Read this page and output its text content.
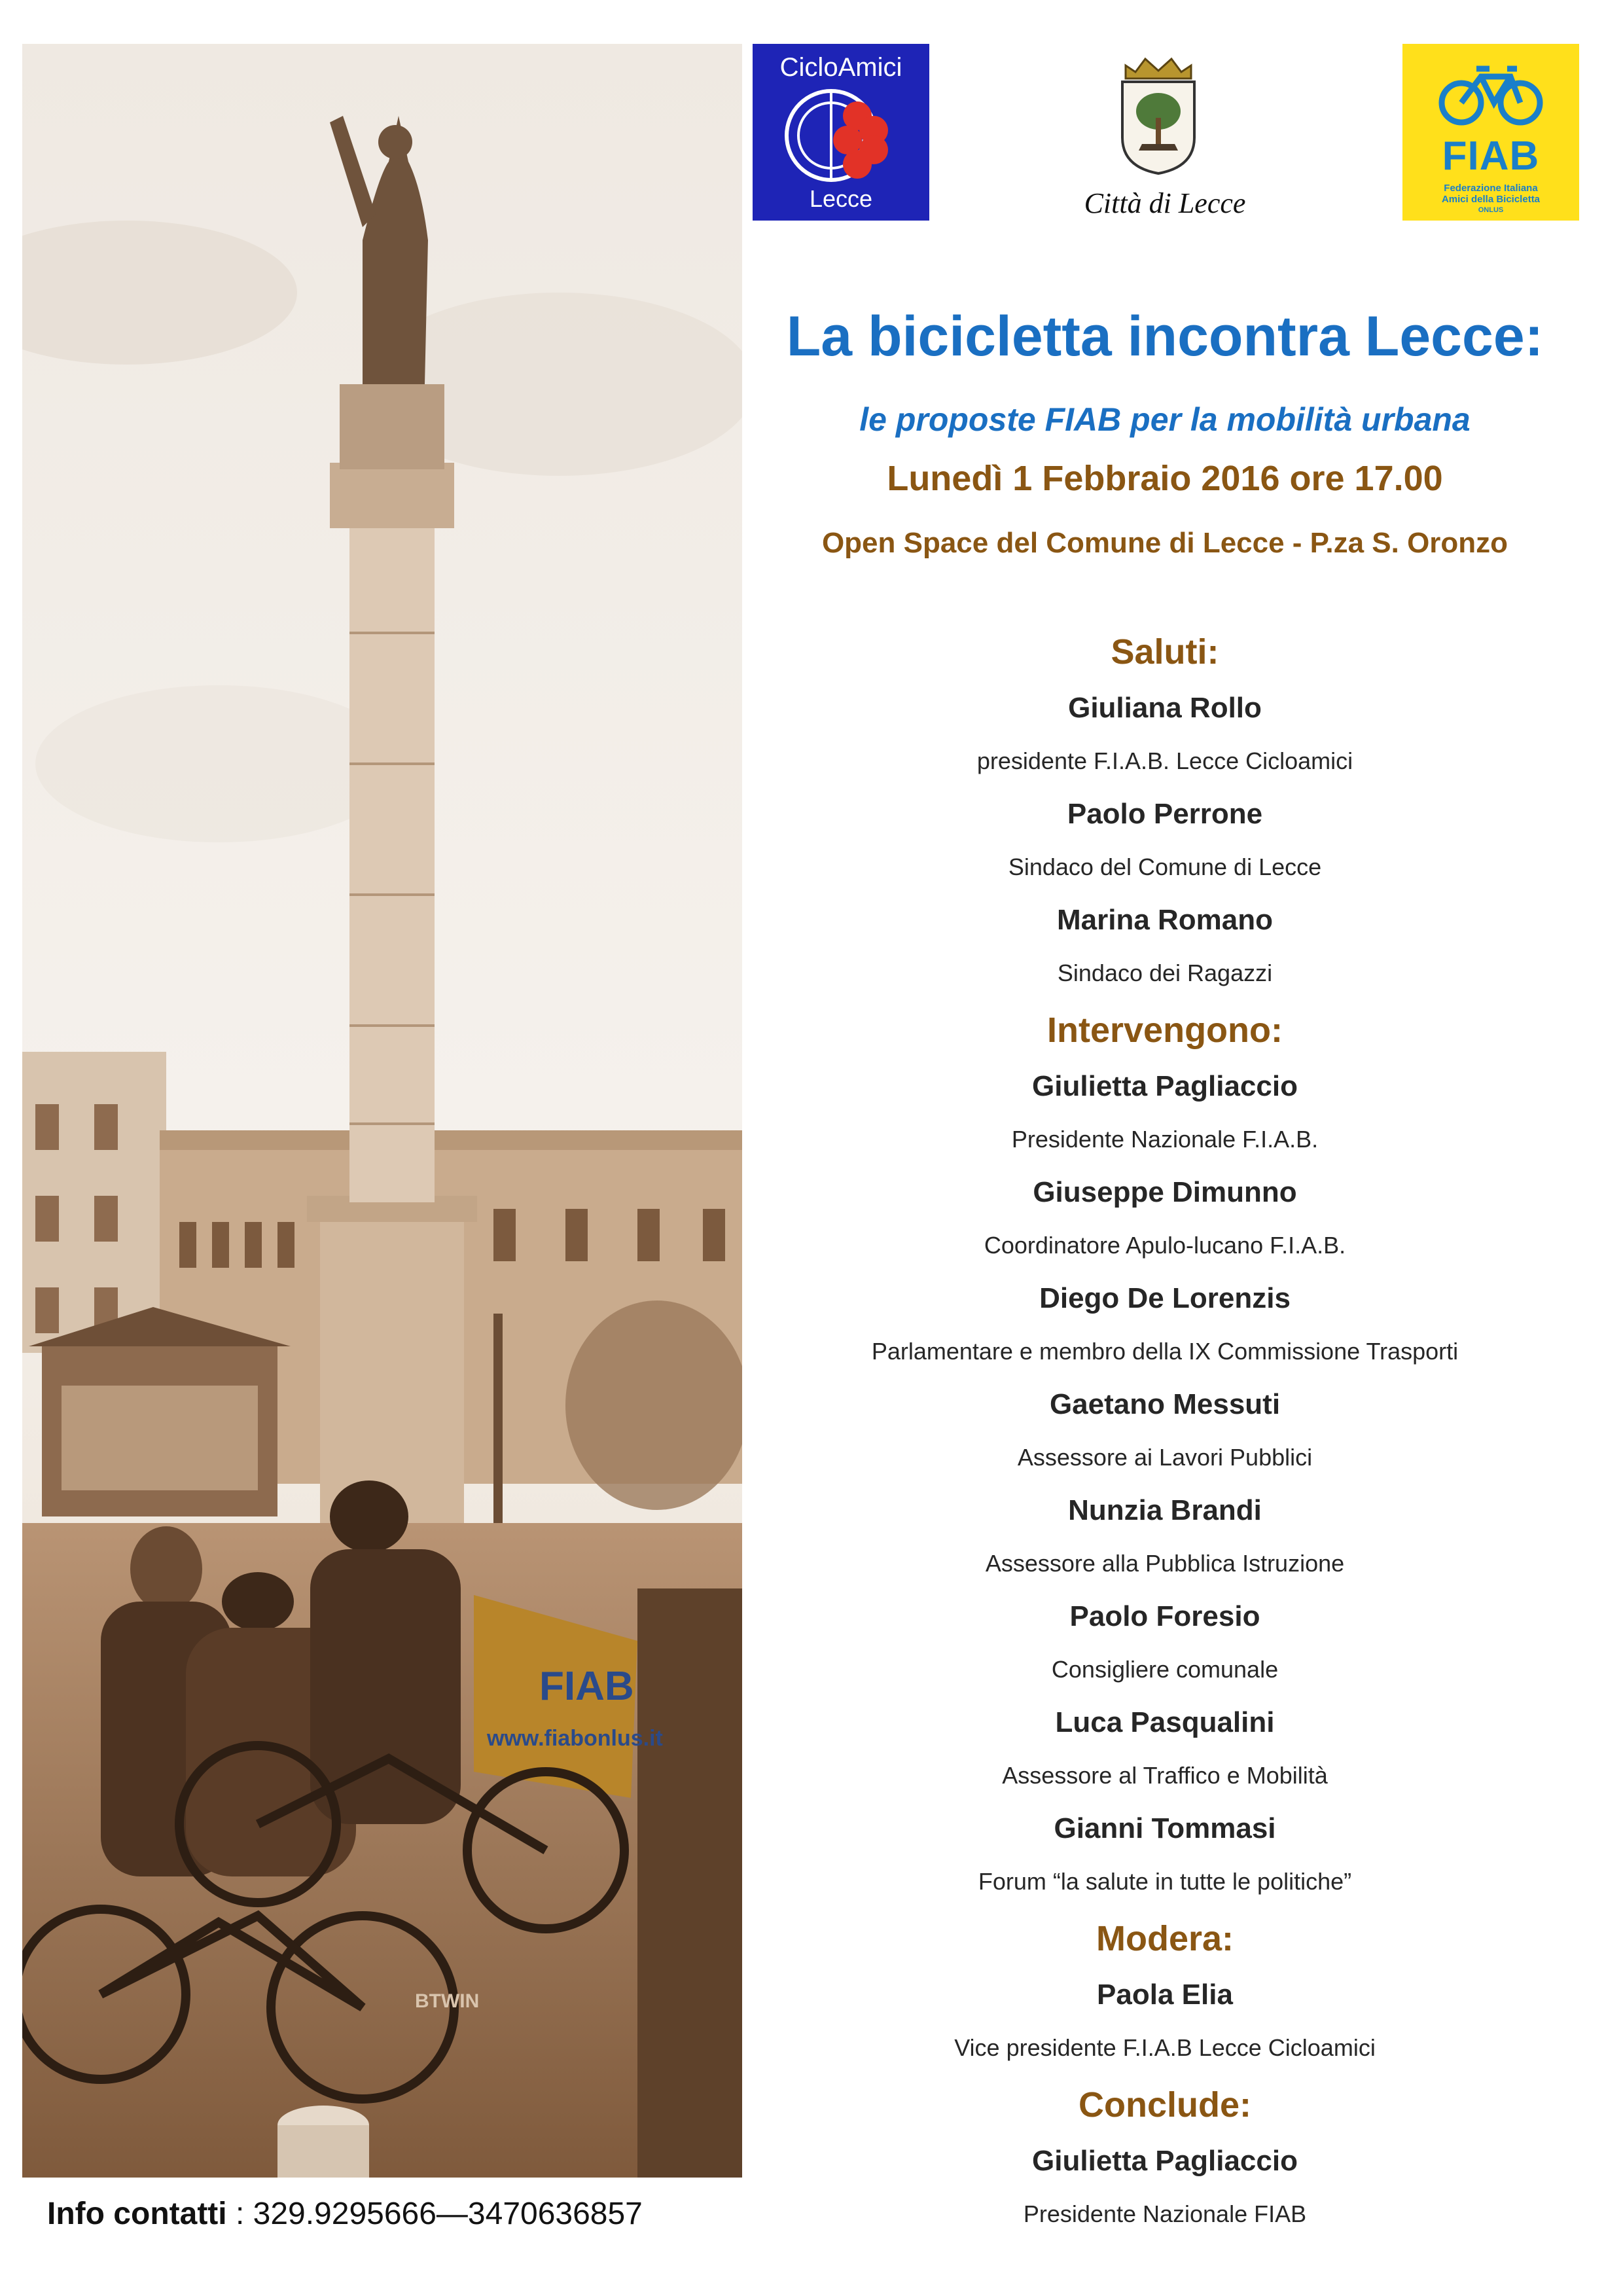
FIAB
www.fiabonlus.it
BTWIN
CicloAmici
Lecce	Città di Lecce
FIAB
Federazione Italiana
Amici della Bicicletta
ONLUS
La bicicletta incontra Lecce:
le proposte FIAB per la mobilità urbana
Lunedì 1 Febbraio 2016 ore 17.00
Open Space del Comune di Lecce - P.za S. Oronzo
Saluti:
Giuliana Rollo
presidente F.I.A.B. Lecce Cicloamici
Paolo Perrone
Sindaco del Comune di Lecce
Marina Romano
Sindaco dei Ragazzi
Intervengono:
Giulietta Pagliaccio
Presidente Nazionale F.I.A.B.
Giuseppe Dimunno
Coordinatore Apulo-lucano F.I.A.B.
Diego De Lorenzis
Parlamentare e membro della IX Commissione Trasporti
Gaetano Messuti
Assessore ai Lavori Pubblici
Nunzia Brandi
Assessore alla Pubblica Istruzione
Paolo Foresio
Consigliere comunale
Luca Pasqualini
Assessore al Traffico e Mobilità
Gianni Tommasi
Forum “la salute in tutte le politiche”
Modera:
Paola Elia
Vice presidente F.I.A.B Lecce Cicloamici
Conclude:
Giulietta Pagliaccio
Presidente Nazionale FIAB
Info contatti : 329.9295666—3470636857
